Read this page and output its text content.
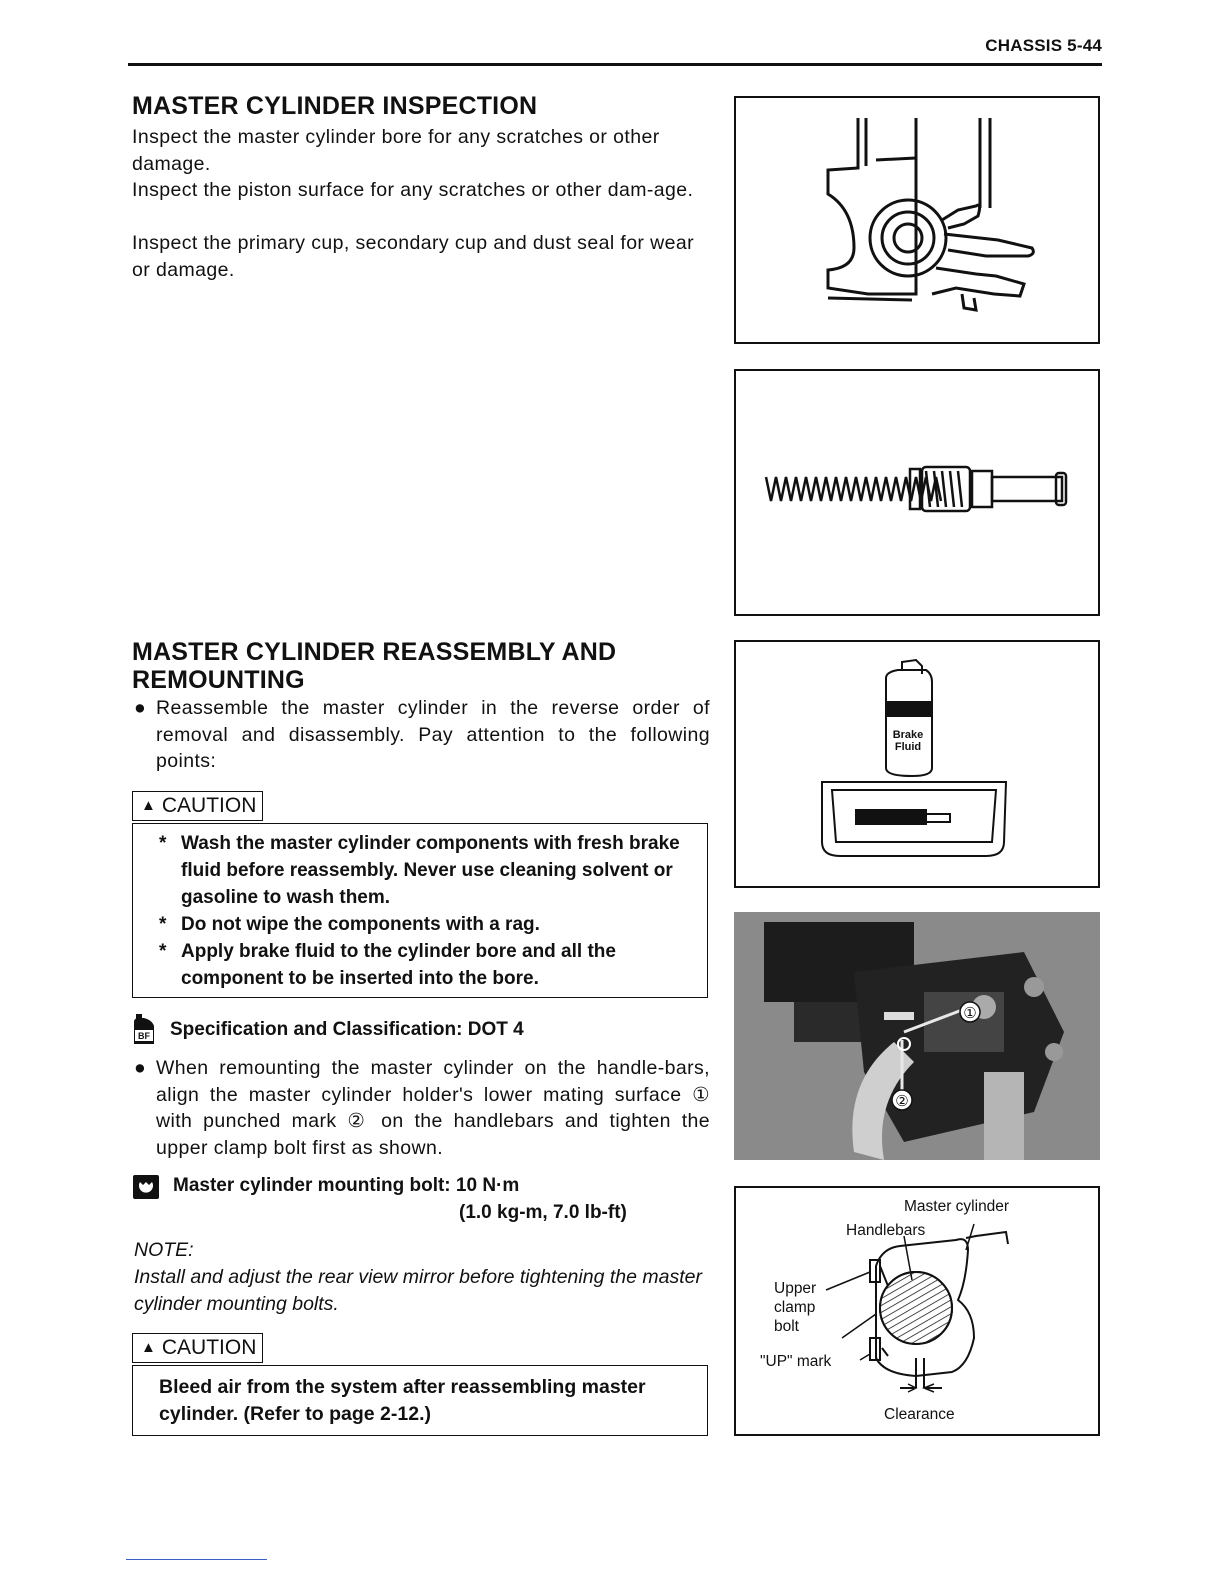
CHASSIS 5-44
MASTER CYLINDER INSPECTION
Inspect the master cylinder bore for any scratches or other damage.
Inspect the piston surface for any scratches or other dam-age.
Inspect the primary cup, secondary cup and dust seal for wear or damage.
MASTER CYLINDER REASSEMBLY AND
REMOUNTING
● Reassemble the master cylinder in the reverse order of removal and disassembly. Pay attention to the following points:
▲ CAUTION
* Wash the master cylinder components with fresh brake fluid before reassembly. Never use cleaning solvent or gasoline to wash them.
* Do not wipe the components with a rag.
* Apply brake fluid to the cylinder bore and all the component to be inserted into the bore.
BF Specification and Classification: DOT 4
● When remounting the master cylinder on the handle-bars, align the master cylinder holder's lower mating surface ① with punched mark ② on the handlebars and tighten the upper clamp bolt first as shown.
Master cylinder mounting bolt: 10 N·m
(1.0 kg-m, 7.0 lb-ft)
NOTE:
Install and adjust the rear view mirror before tightening the master cylinder mounting bolts.
▲ CAUTION
Bleed air from the system after reassembling master cylinder. (Refer to page 2-12.)
Brake
Fluid
①
②
Master cylinder
Handlebars
Upper
clamp
bolt
"UP" mark
Clearance
